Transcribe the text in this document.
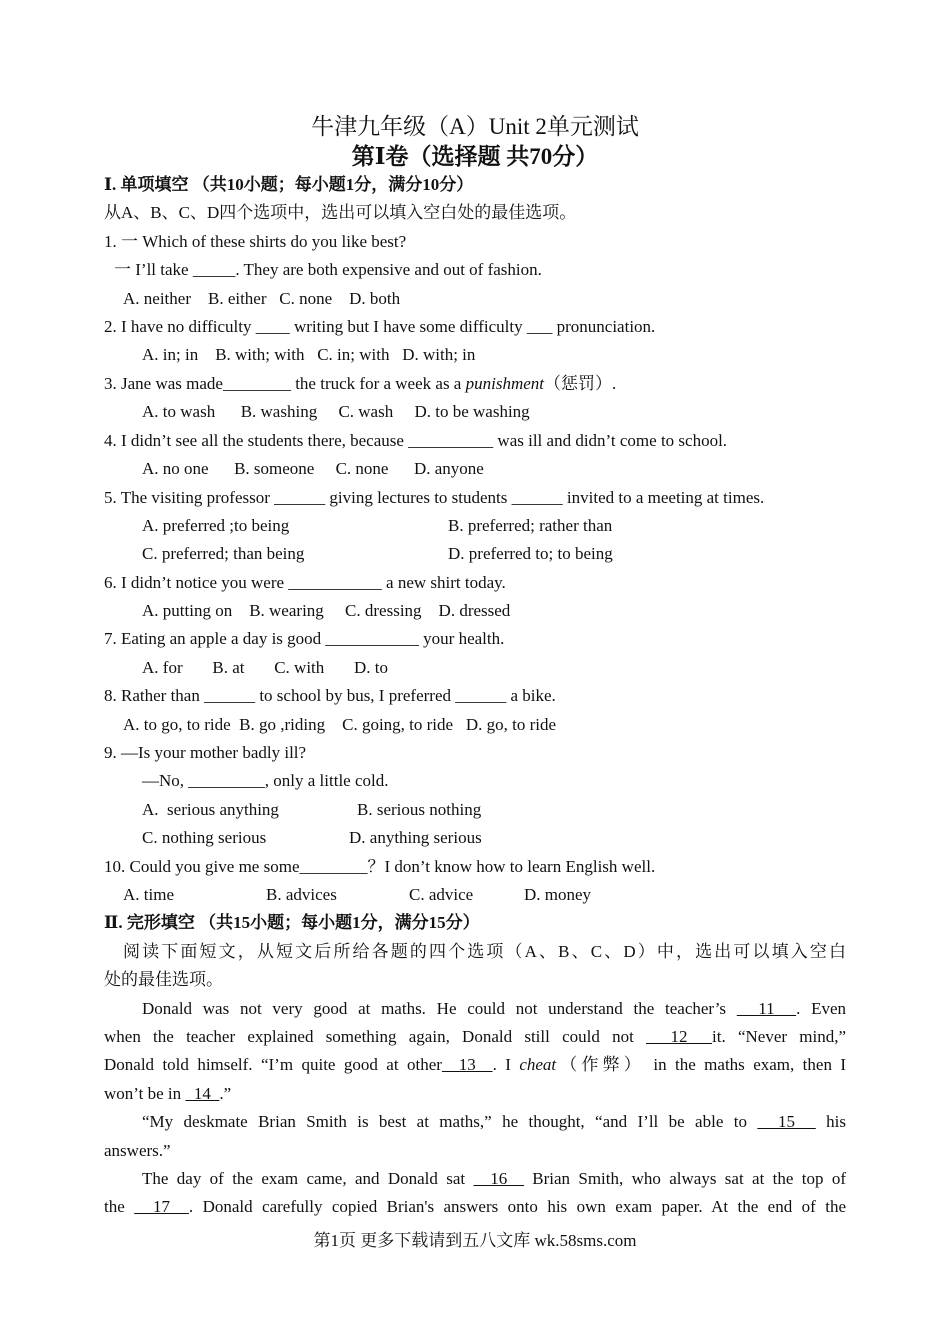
牛津九年级（A）Unit 2单元测试
第Ⅰ卷（选择题 共70分）
Ⅰ. 单项填空 （共10小题；每小题1分，满分10分）
从A、B、C、D四个选项中，选出可以填入空白处的最佳选项。
1. 一 Which of these shirts do you like best?
一 I’ll take _____. They are both expensive and out of fashion.
A. neither    B. either   C. none    D. both
2. I have no difficulty ____ writing but I have some difficulty ___ pronunciation.
A. in; in    B. with; with   C. in; with   D. with; in
3. Jane was made________ the truck for a week as a punishment（惩罚）.
A. to wash      B. washing     C. wash     D. to be washing
4. I didn’t see all the students there, because __________ was ill and didn’t come to school.
A. no one      B. someone     C. none      D. anyone
5. The visiting professor ______ giving lectures to students ______ invited to a meeting at times.
A. preferred ;to being	B. preferred; rather than
C. preferred; than being	D. preferred to; to being
6. I didn’t notice you were ___________ a new shirt today.
A. putting on    B. wearing     C. dressing    D. dressed
7. Eating an apple a day is good ___________ your health.
A. for       B. at       C. with       D. to
8. Rather than ______ to school by bus, I preferred ______ a bike.
A. to go, to ride  B. go ,riding    C. going, to ride   D. go, to ride
9. —Is your mother badly ill?
—No, _________, only a little cold.
A.  serious anything	B. serious nothing
C. nothing serious	D. anything serious
10. Could you give me some________？I don’t know how to learn English well.
A. time	B. advices	C. advice	D. money
Ⅱ. 完形填空 （共15小题；每小题1分，满分15分）
阅读下面短文，从短文后所给各题的四个选项（A、B、C、D）中，选出可以填入空白
处的最佳选项。
Donald was not very good at maths. He could not understand the teacher’s   11  . Even
when the teacher explained something again, Donald still could not   12  it. “Never mind,”
Donald told himself. “I’m quite good at other  13  . I cheat（作弊） in the maths exam, then I
won’t be in   14  .”
“My deskmate Brian Smith is best at maths,” he thought, “and I’ll be able to   15   his
answers.”
The day of the exam came, and Donald sat   16   Brian Smith, who always sat at the top of
the   17  . Donald carefully copied Brian's answers onto his own exam paper. At the end of the
第1页 更多下载请到五八文库 wk.58sms.com
